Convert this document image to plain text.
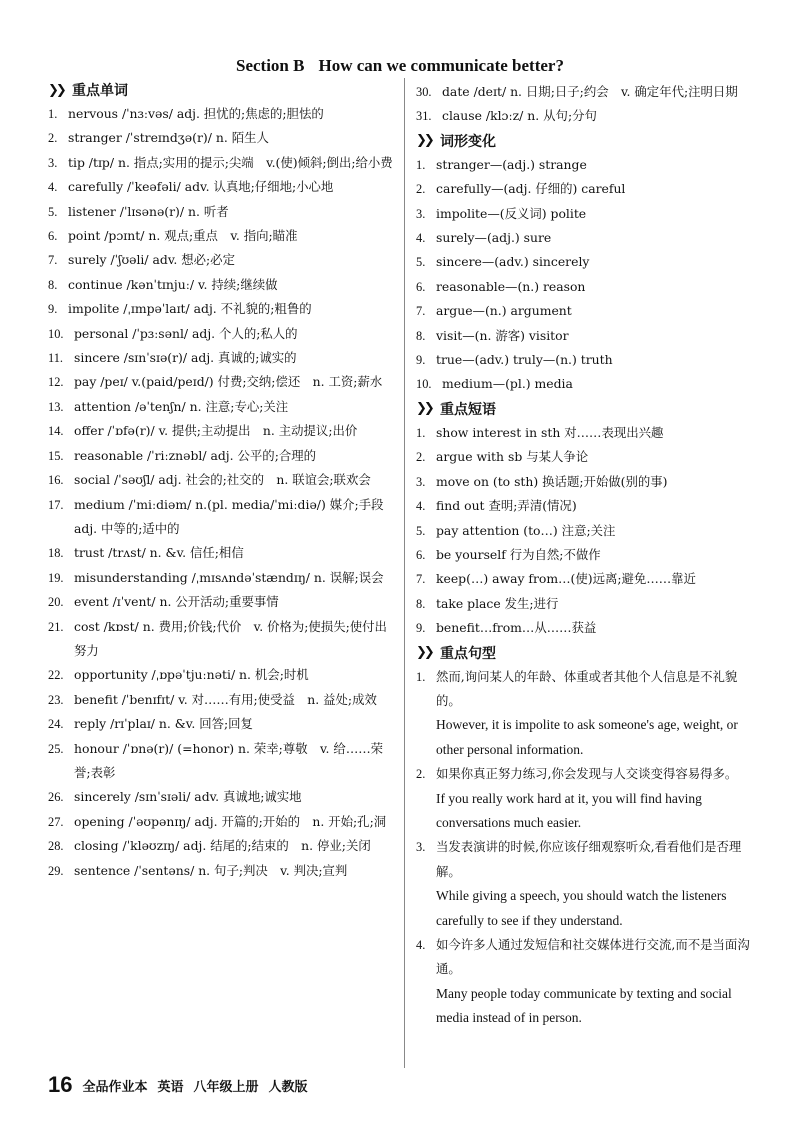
Section B How can we communicate better?
❯❯ 重点单词
1. nervous /ˈnɜːvəs/ adj. 担忧的;焦虑的;胆怯的
2. stranger /ˈstreɪndʒə(r)/ n. 陌生人
3. tip /tɪp/ n. 指点;实用的提示;尖端　v.(使)倾斜;倒出;给小费
4. carefully /ˈkeəfəli/ adv. 认真地;仔细地;小心地
5. listener /ˈlɪsənə(r)/ n. 听者
6. point /pɔɪnt/ n. 观点;重点　v. 指向;瞄准
7. surely /ˈʃʊəli/ adv. 想必;必定
8. continue /kənˈtɪnjuː/ v. 持续;继续做
9. impolite /ˌɪmpəˈlaɪt/ adj. 不礼貌的;粗鲁的
10. personal /ˈpɜːsənl/ adj. 个人的;私人的
11. sincere /sɪnˈsɪə(r)/ adj. 真诚的;诚实的
12. pay /peɪ/ v.(paid/peɪd/) 付费;交纳;偿还　n. 工资;薪水
13. attention /əˈtenʃn/ n. 注意;专心;关注
14. offer /ˈɒfə(r)/ v. 提供;主动提出　n. 主动提议;出价
15. reasonable /ˈriːznəbl/ adj. 公平的;合理的
16. social /ˈsəʊʃl/ adj. 社会的;社交的　n. 联谊会;联欢会
17. medium /ˈmiːdiəm/ n.(pl. media/ˈmiːdiə/) 媒介;手段　adj. 中等的;适中的
18. trust /trʌst/ n. &v. 信任;相信
19. misunderstanding /ˌmɪsʌndəˈstændɪŋ/ n. 误解;误会
20. event /ɪˈvent/ n. 公开活动;重要事情
21. cost /kɒst/ n. 费用;价钱;代价　v. 价格为;使损失;使付出努力
22. opportunity /ˌɒpəˈtjuːnəti/ n. 机会;时机
23. benefit /ˈbenɪfɪt/ v. 对……有用;使受益　n. 益处;成效
24. reply /rɪˈplaɪ/ n. &v. 回答;回复
25. honour /ˈɒnə(r)/ (=honor) n. 荣幸;尊敬　v. 给……荣誉;表彰
26. sincerely /sɪnˈsɪəli/ adv. 真诚地;诚实地
27. opening /ˈəʊpənɪŋ/ adj. 开篇的;开始的　n. 开始;孔;洞
28. closing /ˈkləʊzɪŋ/ adj. 结尾的;结束的　n. 停业;关闭
29. sentence /ˈsentəns/ n. 句子;判决　v. 判决;宣判
30. date /deɪt/ n. 日期;日子;约会　v. 确定年代;注明日期
31. clause /klɔːz/ n. 从句;分句
❯❯ 词形变化
1. stranger—(adj.) strange
2. carefully—(adj. 仔细的) careful
3. impolite—(反义词) polite
4. surely—(adj.) sure
5. sincere—(adv.) sincerely
6. reasonable—(n.) reason
7. argue—(n.) argument
8. visit—(n. 游客) visitor
9. true—(adv.) truly—(n.) truth
10. medium—(pl.) media
❯❯ 重点短语
1. show interest in sth 对……表现出兴趣
2. argue with sb 与某人争论
3. move on (to sth) 换话题;开始做(别的事)
4. find out 查明;弄清(情况)
5. pay attention (to…) 注意;关注
6. be yourself 行为自然;不做作
7. keep(…) away from…(使)远离;避免……靠近
8. take place 发生;进行
9. benefit…from…从……获益
❯❯ 重点句型
1. 然而,询问某人的年龄、体重或者其他个人信息是不礼貌的。
However, it is impolite to ask someone's age, weight, or other personal information.
2. 如果你真正努力练习,你会发现与人交谈变得容易得多。
If you really work hard at it, you will find having conversations much easier.
3. 当发表演讲的时候,你应该仔细观察听众,看看他们是否理解。
While giving a speech, you should watch the listeners carefully to see if they understand.
4. 如今许多人通过发短信和社交媒体进行交流,而不是当面沟通。
Many people today communicate by texting and social media instead of in person.
16 全品作业本 英语 八年级上册 人教版
